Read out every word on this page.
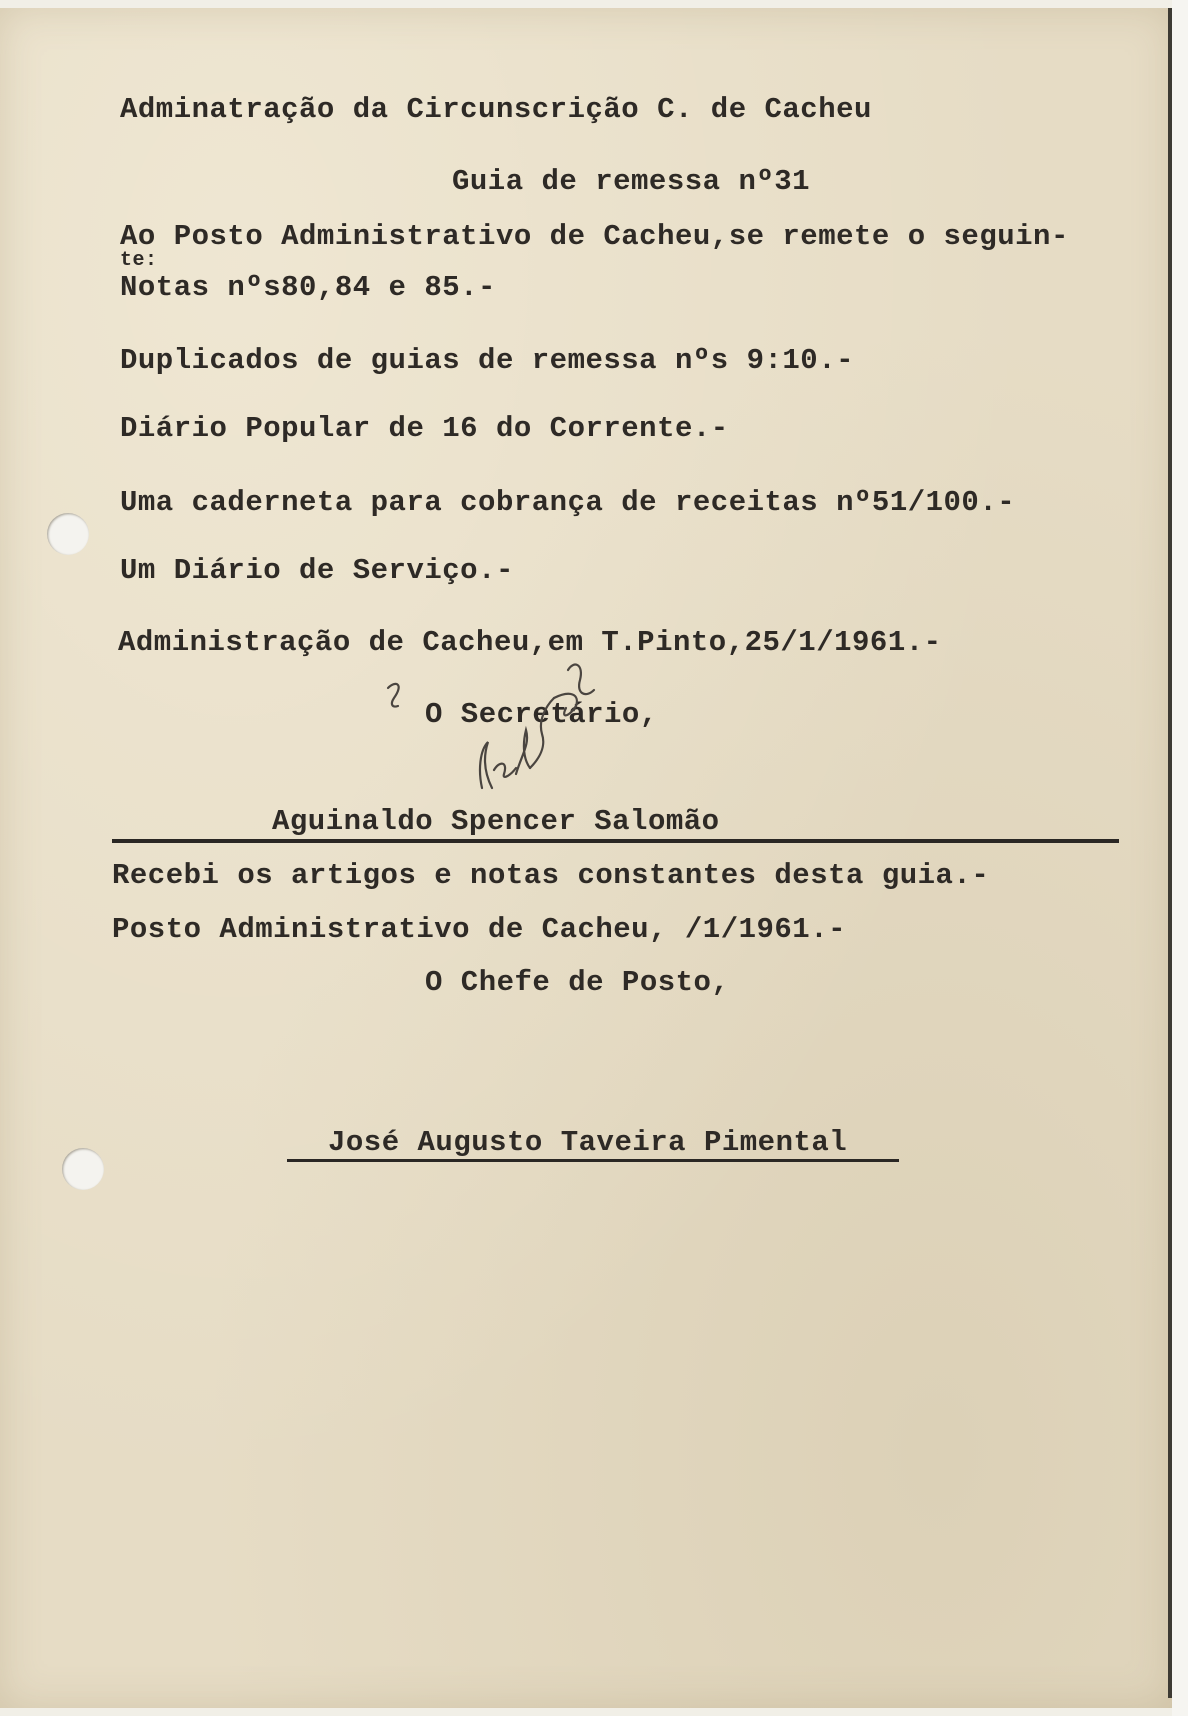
Adminatração da Circunscrição C. de Cacheu
Guia de remessa nº31
Ao Posto Administrativo de Cacheu,se remete o seguin-
te:
Notas nºs80,84 e 85.-
Duplicados de guias de remessa nºs 9:10.-
Diário Popular de 16 do Corrente.-
Uma caderneta para cobrança de receitas nº51/100.-
Um Diário de Serviço.-
Administração de Cacheu,em T.Pinto,25/1/1961.-
O Secretário,
Aguinaldo Spencer Salomão
Recebi os artigos e notas constantes desta guia.-
Posto Administrativo de Cacheu, /1/1961.-
O Chefe de Posto,
José Augusto Taveira Pimental
